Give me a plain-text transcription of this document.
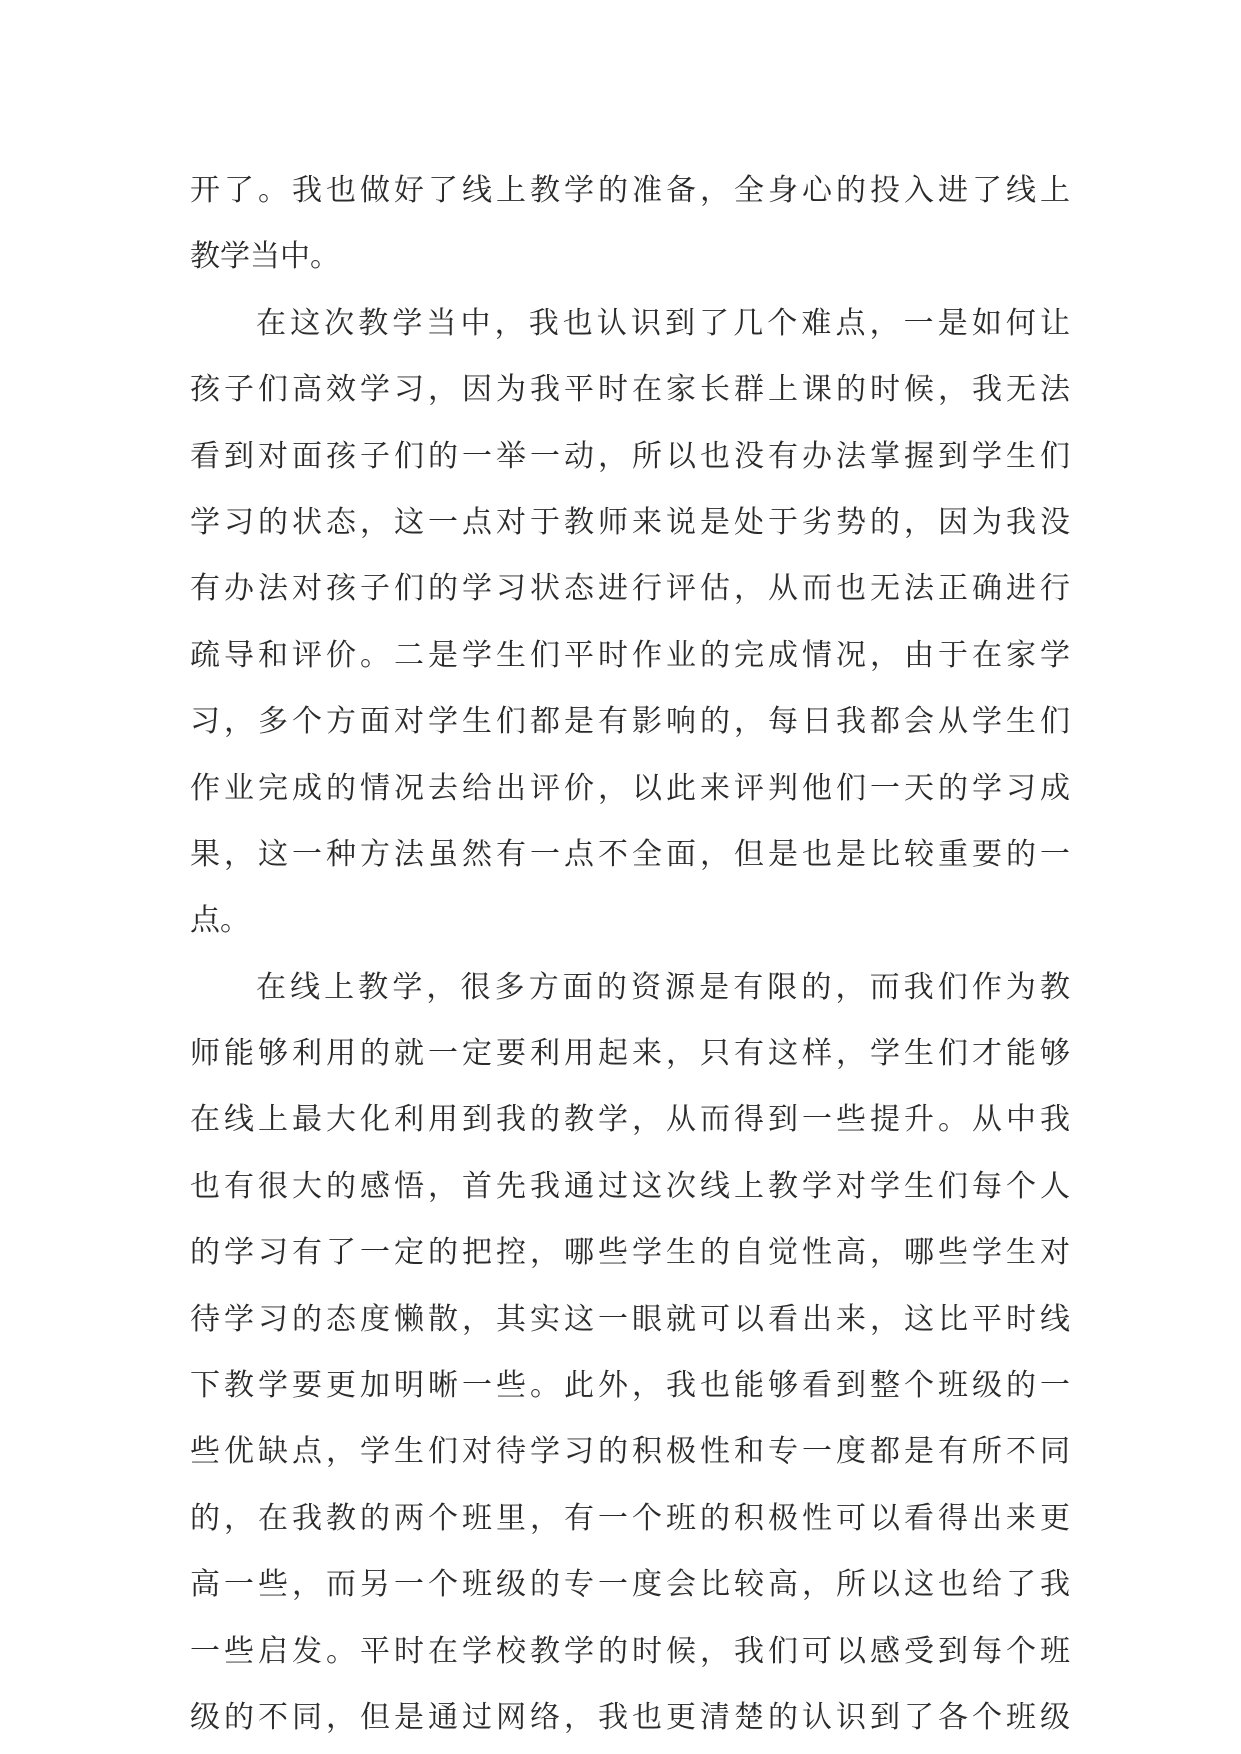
开了。我也做好了线上教学的准备，全身心的投入进了线上
教学当中。
在这次教学当中，我也认识到了几个难点，一是如何让
孩子们高效学习，因为我平时在家长群上课的时候，我无法
看到对面孩子们的一举一动，所以也没有办法掌握到学生们
学习的状态，这一点对于教师来说是处于劣势的，因为我没
有办法对孩子们的学习状态进行评估，从而也无法正确进行
疏导和评价。二是学生们平时作业的完成情况，由于在家学
习，多个方面对学生们都是有影响的，每日我都会从学生们
作业完成的情况去给出评价，以此来评判他们一天的学习成
果，这一种方法虽然有一点不全面，但是也是比较重要的一
点。
在线上教学，很多方面的资源是有限的，而我们作为教
师能够利用的就一定要利用起来，只有这样，学生们才能够
在线上最大化利用到我的教学，从而得到一些提升。从中我
也有很大的感悟，首先我通过这次线上教学对学生们每个人
的学习有了一定的把控，哪些学生的自觉性高，哪些学生对
待学习的态度懒散，其实这一眼就可以看出来，这比平时线
下教学要更加明晰一些。此外，我也能够看到整个班级的一
些优缺点，学生们对待学习的积极性和专一度都是有所不同
的，在我教的两个班里，有一个班的积极性可以看得出来更
高一些，而另一个班级的专一度会比较高，所以这也给了我
一些启发。平时在学校教学的时候，我们可以感受到每个班
级的不同，但是通过网络，我也更清楚的认识到了各个班级
